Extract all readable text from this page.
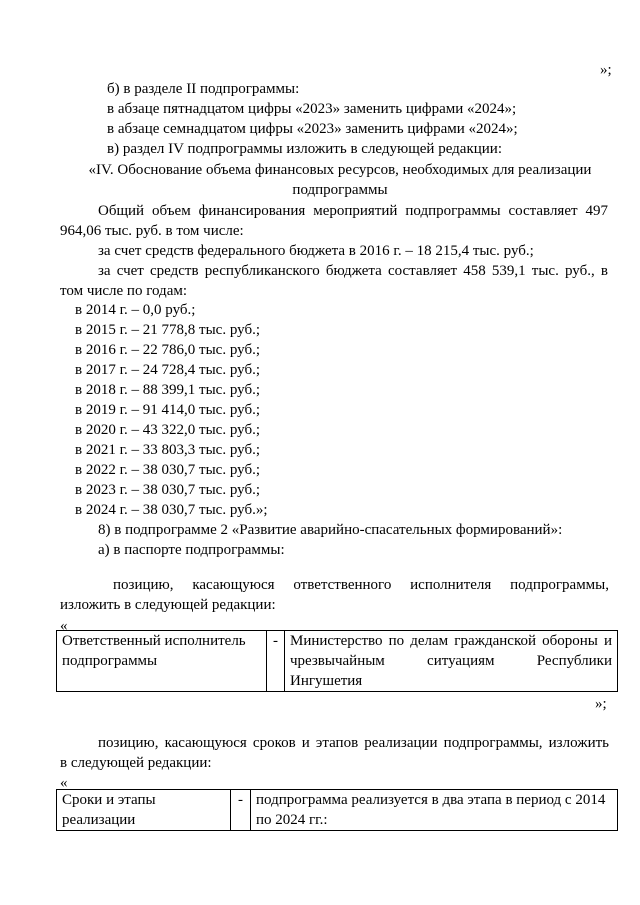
»;
б) в разделе II подпрограммы:
в абзаце пятнадцатом цифры «2023» заменить цифрами «2024»;
в абзаце семнадцатом цифры «2023» заменить цифрами «2024»;
в) раздел IV подпрограммы изложить в следующей редакции:
«IV. Обоснование объема финансовых ресурсов, необходимых для реализации
подпрограммы
Общий объем финансирования мероприятий подпрограммы составляет 497
964,06 тыс. руб. в том числе:
за счет средств федерального бюджета в 2016 г. – 18 215,4 тыс. руб.;
за счет средств республиканского бюджета составляет 458 539,1 тыс. руб., в
том числе по годам:
в 2014 г. – 0,0 руб.;
в 2015 г. – 21 778,8 тыс. руб.;
в 2016 г. – 22 786,0 тыс. руб.;
в 2017 г. – 24 728,4 тыс. руб.;
в 2018 г. – 88 399,1 тыс. руб.;
в 2019 г. – 91 414,0 тыс. руб.;
в 2020 г. – 43 322,0 тыс. руб.;
в 2021 г. – 33 803,3 тыс. руб.;
в 2022 г. – 38 030,7 тыс. руб.;
в 2023 г. – 38 030,7 тыс. руб.;
в 2024 г. – 38 030,7 тыс. руб.»;
8) в подпрограмме 2 «Развитие аварийно-спасательных формирований»:
а) в паспорте подпрограммы:
позицию, касающуюся ответственного исполнителя подпрограммы,
изложить в следующей редакции:
«
Ответственный исполнитель подпрограммы	-	Министерство по делам гражданской обороны и
чрезвычайным ситуациям Республики
Ингушетия
»;
позицию, касающуюся сроков и этапов реализации подпрограммы, изложить
в следующей редакции:
«
Сроки и этапы реализации	-	подпрограмма реализуется в два этапа в период с 2014 по 2024 гг.:
